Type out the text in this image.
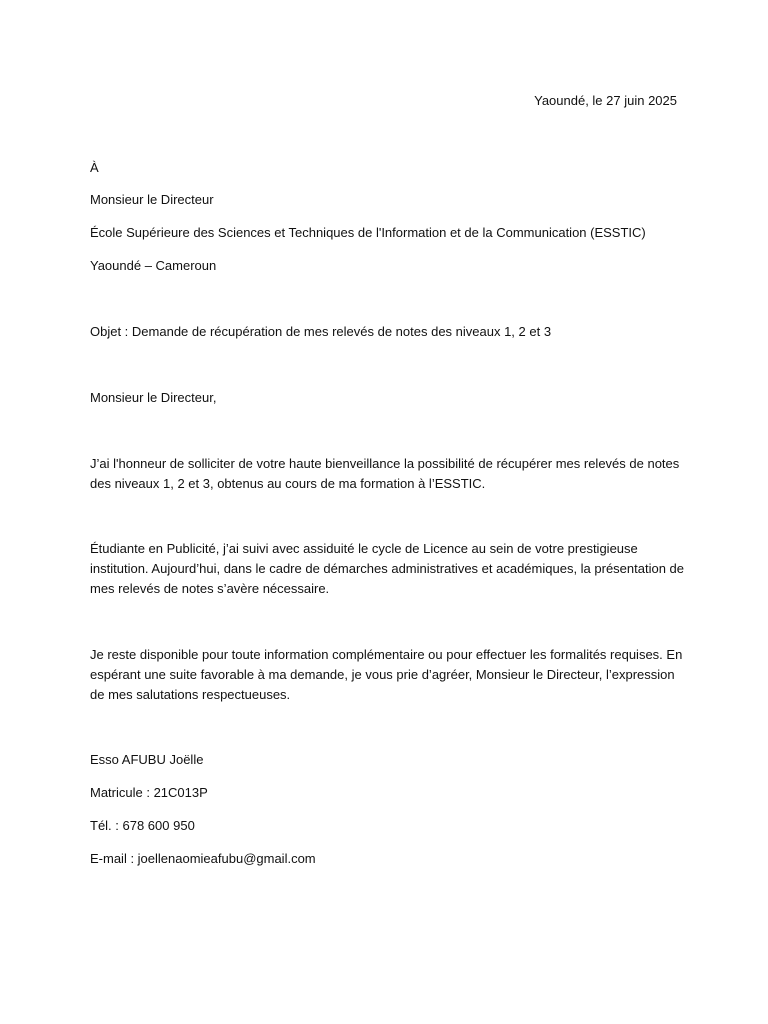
Yaoundé, le 27 juin 2025
À
Monsieur le Directeur
École Supérieure des Sciences et Techniques de l'Information et de la Communication (ESSTIC)
Yaoundé – Cameroun
Objet : Demande de récupération de mes relevés de notes des niveaux 1, 2 et 3
Monsieur le Directeur,
J’ai l'honneur de solliciter de votre haute bienveillance la possibilité de récupérer mes relevés de notes des niveaux 1, 2 et 3, obtenus au cours de ma formation à l’ESSTIC.
Étudiante en Publicité, j’ai suivi avec assiduité le cycle de Licence au sein de votre prestigieuse institution. Aujourd’hui, dans le cadre de démarches administratives et académiques, la présentation de mes relevés de notes s’avère nécessaire.
Je reste disponible pour toute information complémentaire ou pour effectuer les formalités requises. En espérant une suite favorable à ma demande, je vous prie d’agréer, Monsieur le Directeur, l’expression de mes salutations respectueuses.
Esso AFUBU Joëlle
Matricule : 21C013P
Tél. : 678 600 950
E-mail : joellenaomieafubu@gmail.com
